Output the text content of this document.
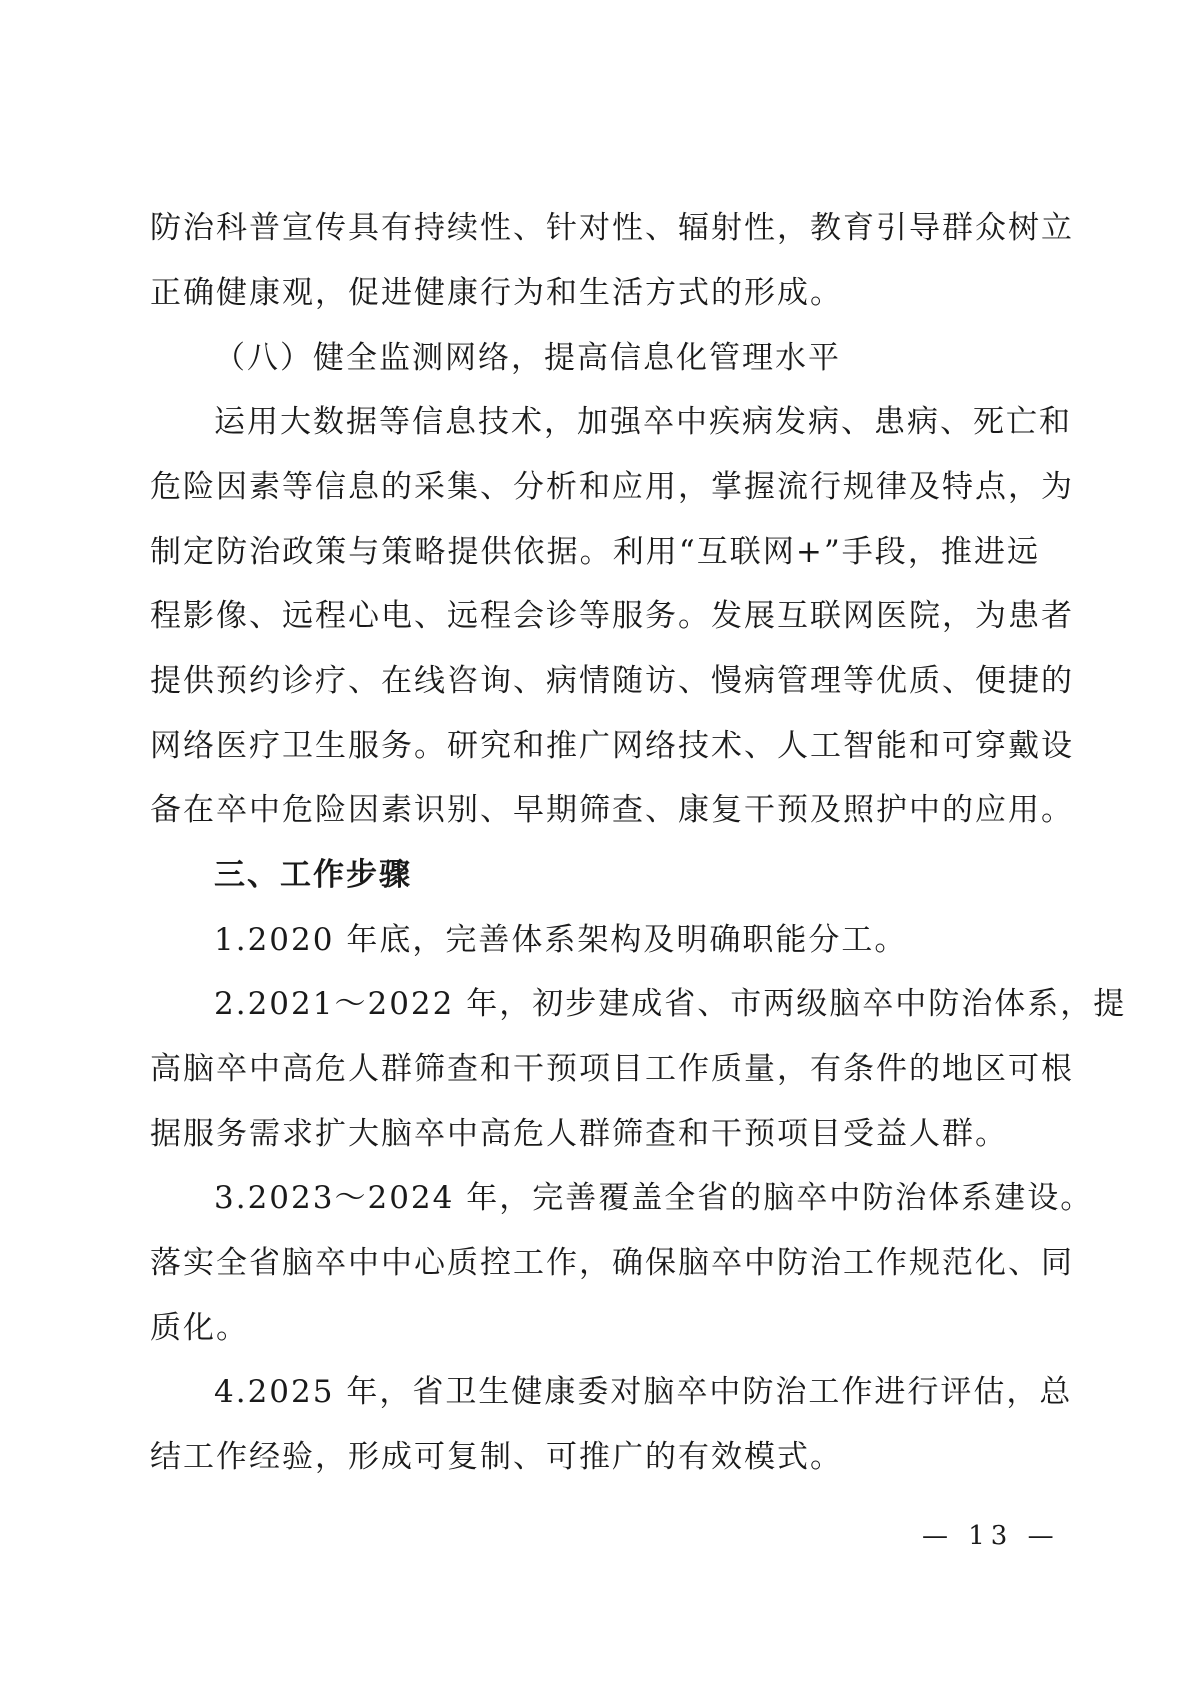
防治科普宣传具有持续性、针对性、辐射性，教育引导群众树立
正确健康观，促进健康行为和生活方式的形成。
（八）健全监测网络，提高信息化管理水平
运用大数据等信息技术，加强卒中疾病发病、患病、死亡和
危险因素等信息的采集、分析和应用，掌握流行规律及特点，为
制定防治政策与策略提供依据。利用“互联网+”手段，推进远
程影像、远程心电、远程会诊等服务。发展互联网医院，为患者
提供预约诊疗、在线咨询、病情随访、慢病管理等优质、便捷的
网络医疗卫生服务。研究和推广网络技术、人工智能和可穿戴设
备在卒中危险因素识别、早期筛查、康复干预及照护中的应用。
三、工作步骤
1.2020 年底，完善体系架构及明确职能分工。
2.2021～2022 年，初步建成省、市两级脑卒中防治体系，提
高脑卒中高危人群筛查和干预项目工作质量，有条件的地区可根
据服务需求扩大脑卒中高危人群筛查和干预项目受益人群。
3.2023～2024 年，完善覆盖全省的脑卒中防治体系建设。
落实全省脑卒中中心质控工作，确保脑卒中防治工作规范化、同
质化。
4.2025 年，省卫生健康委对脑卒中防治工作进行评估，总
结工作经验，形成可复制、可推广的有效模式。
— 13 —
